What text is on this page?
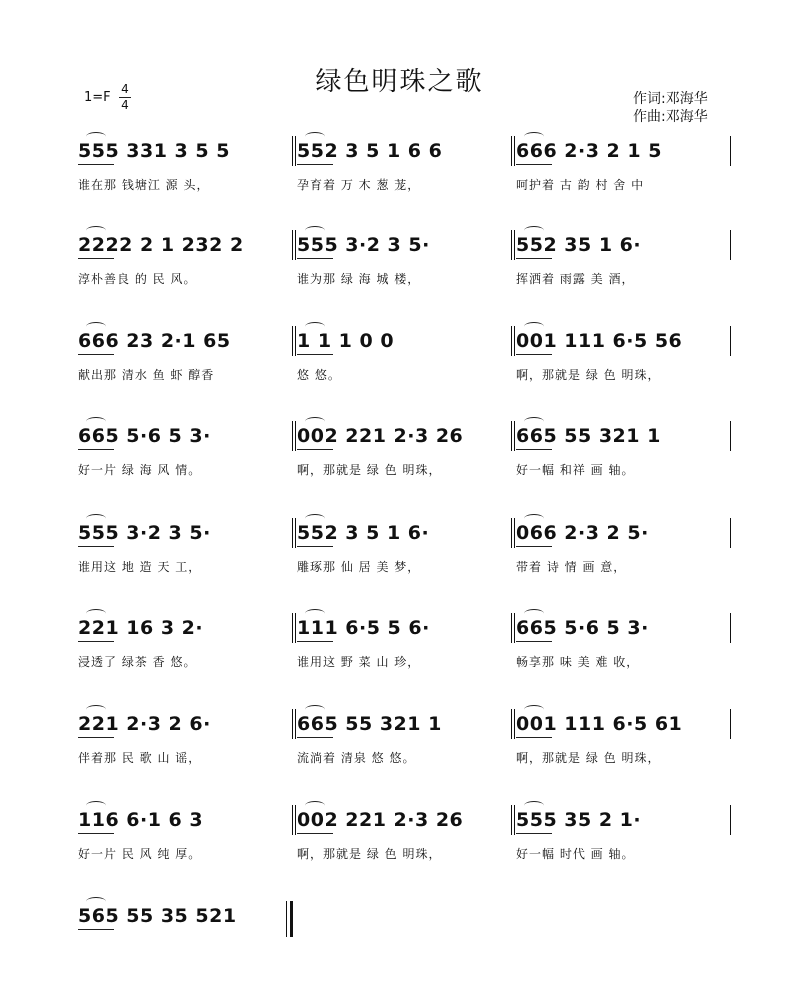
绿色明珠之歌
1=F
4
4	作词:邓海华
作曲:邓海华
555 331 3 5 5
谁在那 钱塘江 源 头，
552 3 5 1 6 6
孕育着 万 木 葱 茏，
666 2·3 2 1 5
呵护着 古 韵 村 舍 中
2222 2 1 232 2
淳朴善良 的 民 风。
555 3·2 3 5·
谁为那 绿 海 城 楼，
552 35 1 6·
挥洒着 雨露 美 酒，
666 23 2·1 65
献出那 清水 鱼 虾 醇香
1 1 1 0 0
悠 悠。
001 111 6·5 56
啊，那就是 绿 色 明珠，
665 5·6 5 3·
好一片 绿 海 风 情。
002 221 2·3 26
啊，那就是 绿 色 明珠，
665 55 321 1
好一幅 和祥 画 轴。
555 3·2 3 5·
谁用这 地 造 天 工，
552 3 5 1 6·
雕琢那 仙 居 美 梦，
066 2·3 2 5·
带着 诗 情 画 意，
221 16 3 2·
浸透了 绿茶 香 悠。
111 6·5 5 6·
谁用这 野 菜 山 珍，
665 5·6 5 3·
畅享那 味 美 难 收，
221 2·3 2 6·
伴着那 民 歌 山 谣，
665 55 321 1
流淌着 清泉 悠 悠。
001 111 6·5 61
啊，那就是 绿 色 明珠，
116 6·1 6 3
好一片 民 风 纯 厚。
002 221 2·3 26
啊，那就是 绿 色 明珠，
555 35 2 1·
好一幅 时代 画 轴。
565 55 35 521
